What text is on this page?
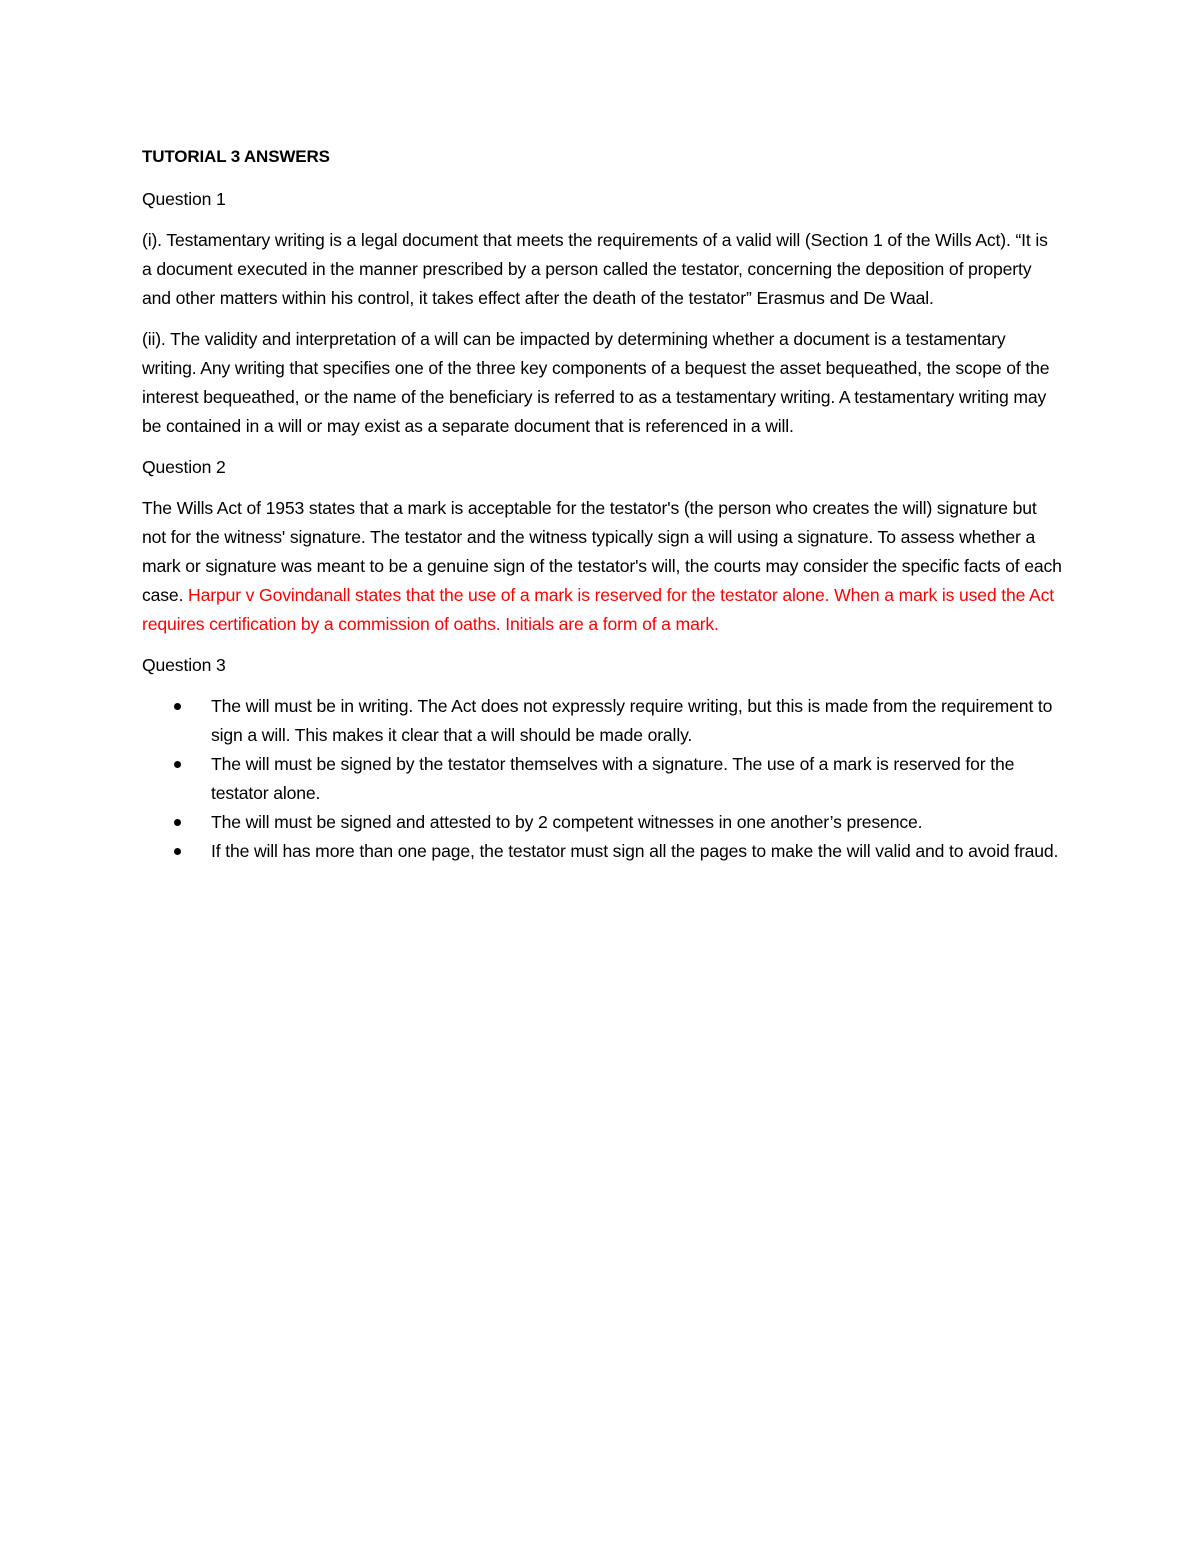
TUTORIAL 3 ANSWERS
Question 1

(i). Testamentary writing is a legal document that meets the requirements of a valid will (Section 1 of the Wills Act). “It is a document executed in the manner prescribed by a person called the testator, concerning the deposition of property and other matters within his control, it takes effect after the death of the testator” Erasmus and De Waal.

(ii). The validity and interpretation of a will can be impacted by determining whether a document is a testamentary writing. Any writing that specifies one of the three key components of a bequest the asset bequeathed, the scope of the interest bequeathed, or the name of the beneficiary is referred to as a testamentary writing. A testamentary writing may be contained in a will or may exist as a separate document that is referenced in a will.

Question 2

The Wills Act of 1953 states that a mark is acceptable for the testator's (the person who creates the will) signature but not for the witness' signature. The testator and the witness typically sign a will using a signature. To assess whether a mark or signature was meant to be a genuine sign of the testator's will, the courts may consider the specific facts of each case. Harpur v Govindanall states that the use of a mark is reserved for the testator alone. When a mark is used the Act requires certification by a commission of oaths. Initials are a form of a mark.

Question 3
The will must be in writing. The Act does not expressly require writing, but this is made from the requirement to sign a will. This makes it clear that a will should be made orally.
The will must be signed by the testator themselves with a signature. The use of a mark is reserved for the testator alone.
The will must be signed and attested to by 2 competent witnesses in one another’s presence.
If the will has more than one page, the testator must sign all the pages to make the will valid and to avoid fraud.
